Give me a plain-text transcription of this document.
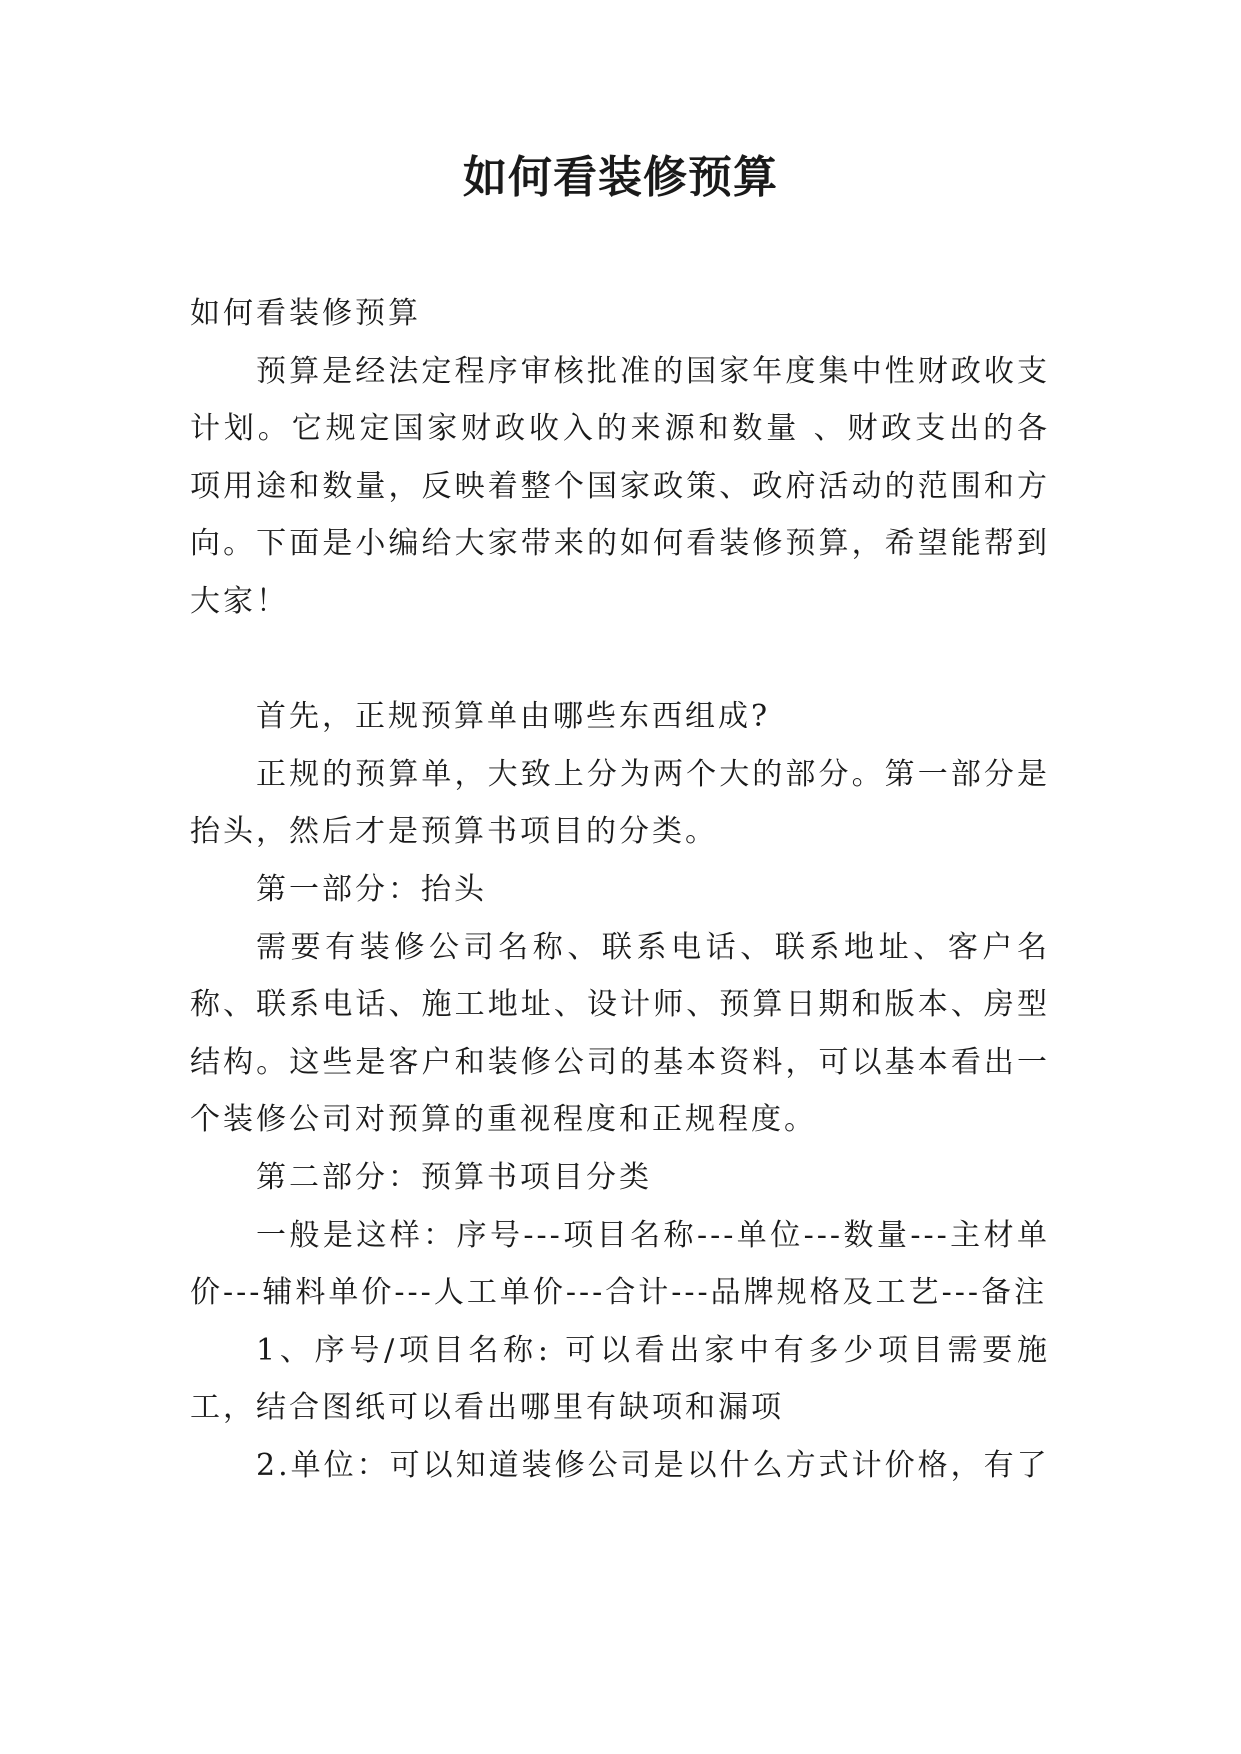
如何看装修预算

如何看装修预算

预算是经法定程序审核批准的国家年度集中性财政收支计划。它规定国家财政收入的来源和数量 、财政支出的各项用途和数量，反映着整个国家政策、政府活动的范围和方向。下面是小编给大家带来的如何看装修预算，希望能帮到大家！

首先，正规预算单由哪些东西组成?

正规的预算单，大致上分为两个大的部分。第一部分是抬头，然后才是预算书项目的分类。

第一部分：抬头

需要有装修公司名称、联系电话、联系地址、客户名称、联系电话、施工地址、设计师、预算日期和版本、房型结构。这些是客户和装修公司的基本资料，可以基本看出一个装修公司对预算的重视程度和正规程度。

第二部分：预算书项目分类

一般是这样：序号---项目名称---单位---数量---主材单价---辅料单价---人工单价---合计---品牌规格及工艺---备注

1、序号/项目名称: 可以看出家中有多少项目需要施工，结合图纸可以看出哪里有缺项和漏项

2.单位：可以知道装修公司是以什么方式计价格，有了
